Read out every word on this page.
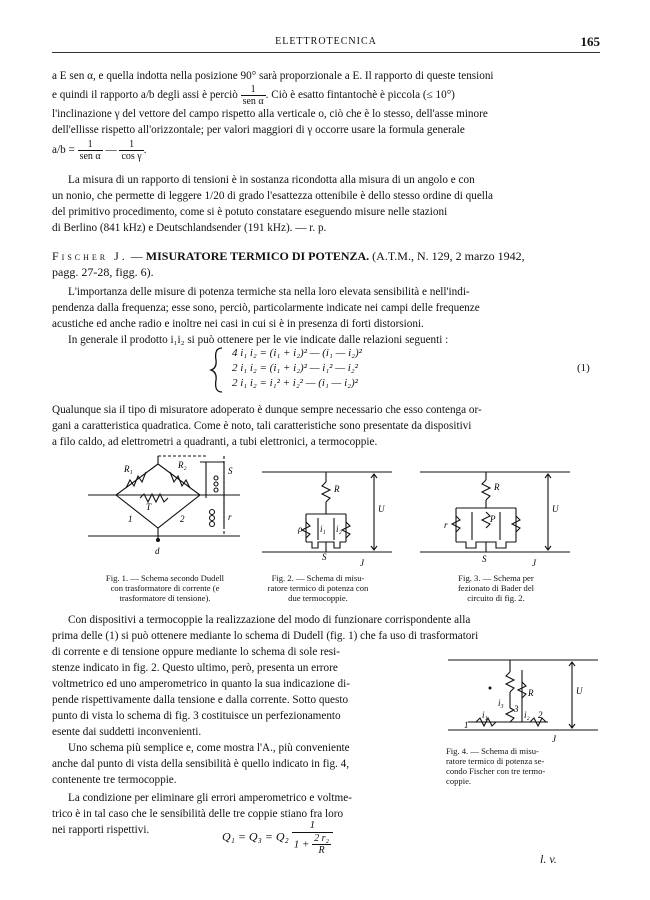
ELETTROTECNICA	165
a E sen α, e quella indotta nella posizione 90° sarà proporzionale a E. Il rapporto di queste tensioni
e quindi il rapporto a/b degli assi è perciò $\frac{1}{\text{sen α}}$ . Ciò è esatto fintantochè è piccola (≤ 10°)
l'inclinazione γ del vettore del campo rispetto alla verticale o, ciò che è lo stesso, dell'asse minore
dell'ellisse rispetto all'orizzontale; per valori maggiori di γ occorre usare la formula generale
$a/b = \frac{1}{\text{sen α}}$ — $\frac{1}{\text{cos γ}}$ .
La misura di un rapporto di tensioni è in sostanza ricondotta alla misura di un angolo e con
un nonio, che permette di leggere 1/20 di grado l'esattezza ottenibile è dello stesso ordine di quella
del primitivo procedimento, come si è potuto constatare eseguendo misure nelle stazioni
di Berlino (841 kHz) e Deutschlandsender (191 kHz). — r. p.
Fischer J. — MISURATORE TERMICO DI POTENZA. (A.T.M., N. 129, 2 marzo 1942,
pagg. 27-28, figg. 6).
L'importanza delle misure di potenza termiche sta nella loro elevata sensibilità e nell'indi-
pendenza dalla frequenza; esse sono, perciò, particolarmente indicate nei campi delle frequenze
acustiche ed anche radio e inoltre nei casi in cui si è in presenza di forti distorsioni.
In generale il prodotto i₁i₂ si può ottenere per le vie indicate dalle relazioni seguenti :
4 i₁ i₂ = (i₁ + i₂)² — (i₁ — i₂)²
2 i₁ i₂ = (i₁ + i₂)² — i₁² — i₂²
2 i₁ i₂ = i₁² + i₂² — (i₁ — i₂)²
(1)
Qualunque sia il tipo di misuratore adoperato è dunque sempre necessario che esso contenga or-
gani a caratteristica quadratica. Come è noto, tali caratteristiche sono presentate da dispositivi
a filo caldo, ad elettrometri a quadranti, a tubi elettronici, a termocoppie.
R₁	R₂
S
T
1	2	r
d
Fig. 1. — Schema secondo Dudell
con trasformatore di corrente (e
trasformatore di tensione).
R
U
ρ i₁ i₂
S
J
Fig. 2. — Schema di misu-
ratore termico di potenza con
due termocoppie.
R
U
r
P
S	J
Fig. 3. — Schema per
fezionato di Bader del
circuito di fig. 2.
Con dispositivi a termocoppie la realizzazione del modo di funzionare corrispondente alla
prima delle (1) si può ottenere mediante lo schema di Dudell (fig. 1) che fa uso di trasformatori
di corrente e di tensione oppure mediante lo schema di sole resi-
stenze indicato in fig. 2. Questo ultimo, però, presenta un errore
voltmetrico ed uno amperometrico in quanto la sua indicazione di-
pende rispettivamente dalla tensione e dalla corrente. Sotto questo
punto di vista lo schema di fig. 3 costituisce un perfezionamento
esente dai suddetti inconvenienti.
Uno schema più semplice e, come mostra l'A., più conveniente
anche dal punto di vista della sensibilità è quello indicato in fig. 4,
contenente tre termocoppie.
La condizione per eliminare gli errori amperometrico e voltme-
trico è in tal caso che le sensibilità delle tre coppie stiano fra loro
nei rapporti rispettivi.
R	U
i₃
3
i₁	i₂
1
2
J
Fig. 4. — Schema di misu-
ratore termico di potenza se-
condo Fischer con tre termo-
coppie.
$Q_1 = Q_3 = Q_2 \frac{1}{1 + \frac{\text{2 r₂}}{R}}$
l. v.
